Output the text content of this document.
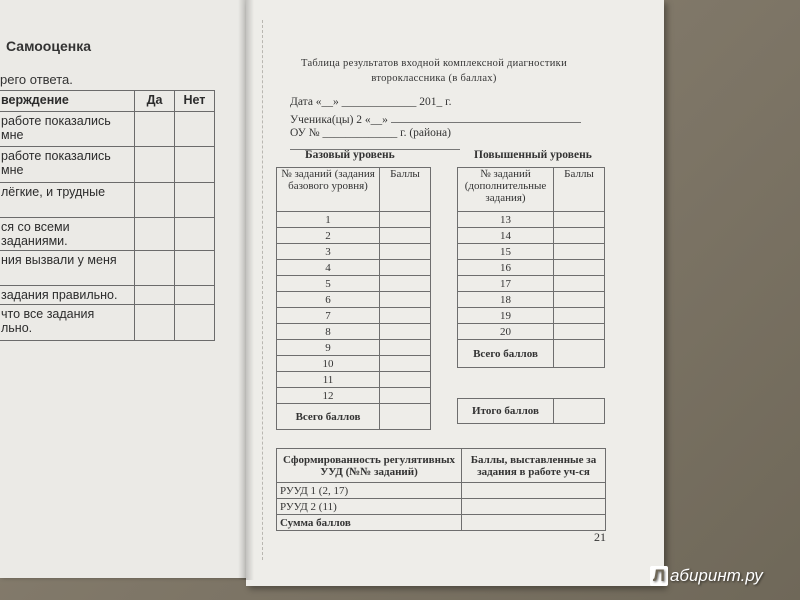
Самооценка
рего ответа.
верждение	Да	Нет
работе показались мне		
работе показались мне		
лёгкие, и трудные		
ся со всеми заданиями.		
ния вызвали у меня		
задания правильно.		
что все задания
льно.		
Таблица результатов входной комплексной диагностики
второклассника (в баллах)
Дата «__» _____________ 201_ г.
Ученика(цы) 2 «__»
ОУ № _____________ г. (района)
Базовый уровень	Повышенный уровень
№ заданий (задания базового уровня)	Баллы
1	
2	
3	
4	
5	
6	
7	
8	
9	
10	
11	
12	
Всего баллов	
№ заданий (дополнительные задания)	Баллы
13	
14	
15	
16	
17	
18	
19	
20	
Всего баллов	
Итого баллов	
Сформированность регулятивных УУД (№№ заданий)	Баллы, выставленные за задания в работе уч-ся
РУУД 1 (2, 17)	
РУУД 2 (11)	
Сумма баллов	
21
Л абиринт.ру
